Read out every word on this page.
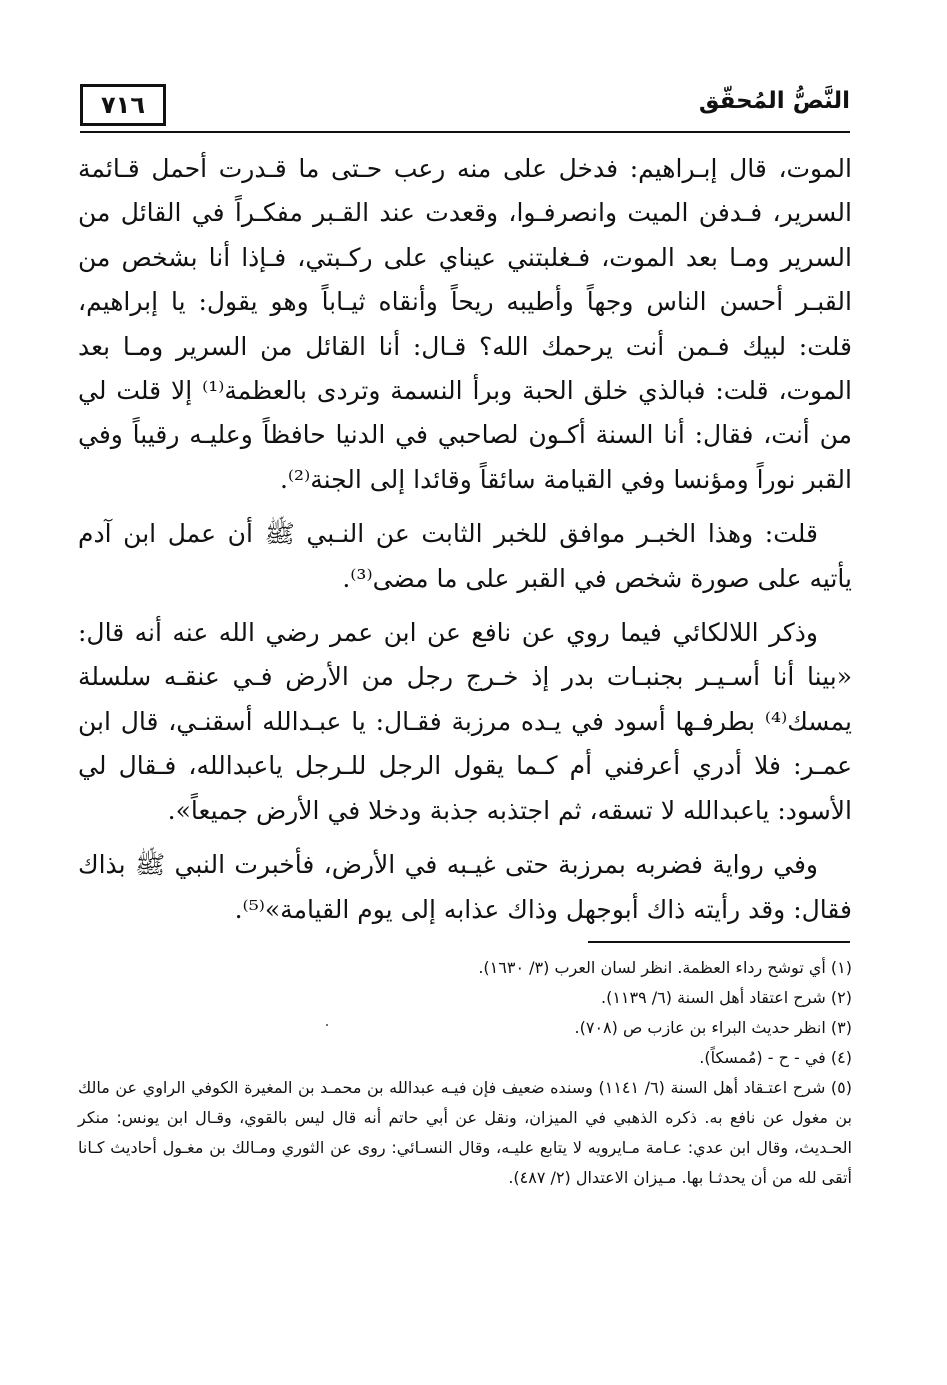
٧١٦	النَّصُّ المُحقّق

الموت، قال إبـراهيم: فدخل على منه رعب حـتى ما قـدرت أحمل قـائمة السرير، فـدفن الميت وانصرفـوا، وقعدت عند القـبر مفكـراً في القائل من السرير ومـا بعد الموت، فـغلبتني عيناي على ركـبتي، فـإذا أنا بشخص من القبـر أحسن الناس وجهاً وأطيبه ريحاً وأنقاه ثيـاباً وهو يقول: يا إبراهيم، قلت: لبيك فـمن أنت يرحمك الله؟ قـال: أنا القائل من السرير ومـا بعد الموت، قلت: فبالذي خلق الحبة وبرأ النسمة وتردى بالعظمة⁽¹⁾ إلا قلت لي من أنت، فقال: أنا السنة أكـون لصاحبي في الدنيا حافظاً وعليـه رقيباً وفي القبر نوراً ومؤنسا وفي القيامة سائقاً وقائدا إلى الجنة⁽²⁾.

قلت: وهذا الخبـر موافق للخبر الثابت عن النـبي ﷺ أن عمل ابن آدم يأتيه على صورة شخص في القبر على ما مضى⁽³⁾.

وذكر اللالكائي فيما روي عن نافع عن ابن عمر رضي الله عنه أنه قال: «بينا أنا أسـيـر بجنبـات بدر إذ خـرج رجل من الأرض فـي عنقـه سلسلة يمسك⁽⁴⁾ بطرفـها أسود في يـده مرزبة فقـال: يا عبـدالله أسقنـي، قال ابن عمـر: فلا أدري أعرفني أم كـما يقول الرجل للـرجل ياعبدالله، فـقال لي الأسود: ياعبدالله لا تسقه، ثم اجتذبه جذبة ودخلا في الأرض جميعاً».

وفي رواية فضربه بمرزبة حتى غيـبه في الأرض، فأخبرت النبي ﷺ بذاك فقال: وقد رأيته ذاك أبوجهل وذاك عذابه إلى يوم القيامة»⁽⁵⁾.

(١) أي توشح رداء العظمة. انظر لسان العرب (٣/ ١٦٣٠).

(٢) شرح اعتقاد أهل السنة (٦/ ١١٣٩).

(٣) انظر حديث البراء بن عازب ص (٧٠٨).

(٤) في - ح - (مُمسكاً).

(٥) شرح اعتـقاد أهل السنة (٦/ ١١٤١) وسنده ضعيف فإن فيـه عبدالله بن محمـد بن المغيرة الكوفي الراوي عن مالك بن مغول عن نافع به. ذكره الذهبي في الميزان، ونقل عن أبي حاتم أنه قال ليس بالقوي، وقـال ابن يونس: منكر الحـديث، وقال ابن عدي: عـامة مـايرويه لا يتابع عليـه، وقال النسـائي: روى عن الثوري ومـالك بن مغـول أحاديث كـانا أتقى لله من أن يحدثـا بها. مـيزان الاعتدال (٢/ ٤٨٧).
